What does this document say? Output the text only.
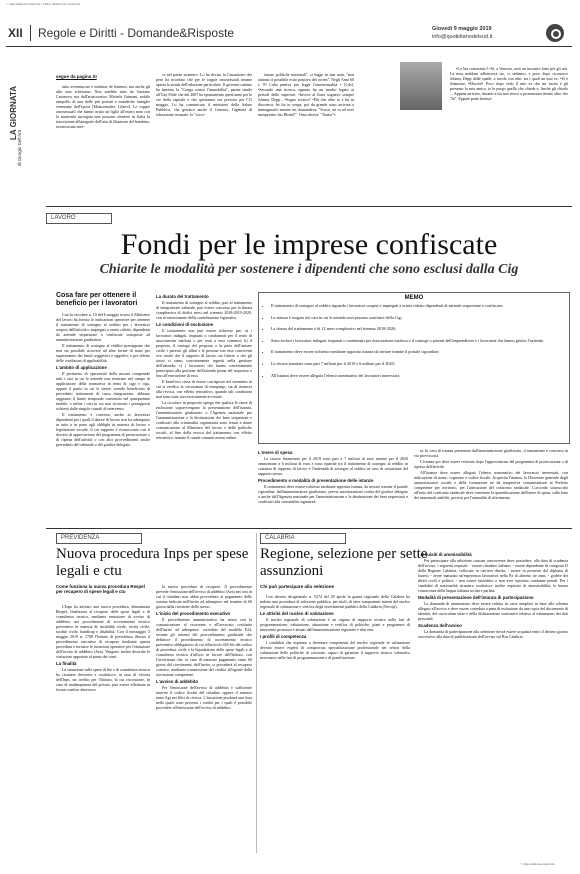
© riproduzione riservata | Tutti i diritti sono riservati
XII Regole e Diritti - Domande&Risposte	Giovedì 9 maggio 2019
info@quotidianodelsud.it
LA GIORNATA
di Giorgio Dell'Arti
segue da pagina XI

tutto avventurose e tombeur de femmes, ma anche gli altri non scherzano. Non sarebbe nato da Gaetano Casanova, ma dall'aristocratico Michele Grimani, nobile rampollo di una delle più potenti e munifiche famiglie veneziane dell'epoca [Mastromattei, Libero]. Le coppie omosessuali che hanno avuto un figlio all'estero nato con la maternità surrogata non possono ottenere in Italia la trascrizione all'anagrafe dell'atto di filiazione del bambino, riconosciuta inve-

ce nel paese straniero. Lo ha deciso la Cassazione che però ha ricordato che per le coppie omosessuali rimane aperta la strada dell'adozione particolare. Il governo cubano ha lanciato la "Conga contro l'immobilità", parata simile all'Gay Pride che dal 2007 ha spostamento quest'anno per le vie della capitale e che questanno era prevista per l'11 maggio. Lo ha comunicato il ministero della Salute Pubblica, che gestisce anche il Cenesex, l'agenzia di educazione sessuale: le "circo-

stanze politiche nazionali", si legge in una nota, "non aiutano il possibile esito positivo del corteo". Negli Anni 60 e 70 Cuba puniva per legge l'omosessualità • [Cds]. •Secondo una ricerca, ognuno ha un incubo legato ai periodi delle superiori. •Invece al linea sognavo sempre Johnny Depp... •Sogno erotico? •Più che altro io e lui in discoteca, lei lui in vespa, poi da grande sono arrivata a immaginarlo mentre mi domandava: "Scusa, ssi tu ad aver interpretato Iris Blond?". Oma diceva: "Tiamo"•.

•Lo hai conosciuto? •Sì, a Venezia, avrò un incontro fatto per gli atti. La nera maldam adlottivera sto, ci sediamo, e poco dopo riconosco Johnny Depp dalle spalle, a tavola con altri, tra i quali un mio ex. •Si è fidanzato. •Macché! Poco dopo vedo il mio ex che mi invita e gli presento la mia amica, io le porgo quello che chiede e, finché gli chiedo ... Appena arrivato, davanti a lui non riesco a pronunciare niente altro che "hi". Eppure parlo benissi-

LAVORO
Fondi per le imprese confiscate
Chiarite le modalità per sostenere i dipendenti che sono esclusi dalla Cig
Cosa fare per ottenere il beneficio per i lavoratori

Con la circolare n. 10 del 6 maggio scorso il Ministero del lavoro ha fornito le indicazioni operative per ottenere il trattamento di sostegno al reddito per i lavoratori sospesi dall'attività o impiegati a orario ridotto, dipendenti da aziende sequestrate o confiscate sottoposte ad amministrazione giudiziaria.

Il trattamento di sostegno al reddito presuppone che non sia possibile ricorrere ad altre forme di aiuto per superamento dei limiti soggettivi e oggettivi o per difetto delle condizioni di applicabilità.

L'ambito di applicazione

Il perimetro di operatività della misura comprende tutti i casi in cui le aziende non rientrano nel campo di applicazione della normativa in tema di cigo e cigs, oppure il punto in cui le stesse, avendo beneficiato di precedenti trattamenti di cassa integrazione, abbiano raggiunto il limite temporale consentito nel quinquennio mobile, o infine i casi in cui non ricorrono i presupposti richiesti dalle singole causali di intervento.

Il trattamento è concesso anche ai lavoratori dipendenti per i quali il datore di lavoro non ha adempiuto in tutto o in parte agli obblighi in materia di lavoro e legislazione sociale, il cui rapporto è riconosciuto con il decreto di approvazione del programma di prosecuzione o di ripresa dell'attività o con altri provvedimenti anche precedenti del tribunale o del giudice delegato.

La durata del trattamento

Il trattamento di sostegno al reddito, pari al trattamento di integrazione salariale, può essere concesso per la durata complessiva di dodici mesi nel triennio 2018-2019-2020, con riconoscimento della contribuzione figurativa.

Le condizioni di esclusione

Il trattamento non può essere richiesto per: a) i lavoratori indagati, imputati o condannati per il reato di associazione mafiosa o per reati a essa connessi; b) il proposto, il coniuge del proposto o la parte dell'unione civile, i parenti, gli affini e le persone con esso conviventi ove risulti che il rapporto di lavoro sia fittizio o che gli stessi si siano concretamente ingeriti nella gestione dell'azienda; c) i lavoratori che hanno concretamente partecipato alla gestione dell'azienda prima del sequestro e fino all'esecuzione di esso.

Il beneficio cessa di essere corrisposto nel momento in cui si verifica la circostanza di reimpiego, sia di rinuncia alla revoca, con effetto retroattivo, quando tali condizioni non sono state successivamente accertate.

La circolare in proposito spiega che qualora le cause di esclusione sopravvengano la presentazione dell'istanza, l'amministratore giudiziario o l'Agenzia nazionale per l'amministrazione e la destinazione dei beni sequestrati e confiscati alla criminalità organizzata sono tenuti a darne comunicazione al Ministero del lavoro e delle politiche sociali, al fine della revoca del trattamento con effetto retroattivo, tramite il canale comunicazioni online.

MEMO
• Il trattamento di sostegno al reddito riguarda i lavoratori sospesi o impiegati a orario ridotto dipendenti di aziende sequestrate o confiscate;
• La misura è erogata nei casi in cui le aziende non possono usufruire della Cig;
• La durata del trattamento è di 12 mesi complessivi nel triennio 2018-2020;
• Sono esclusi i lavoratori indagati, imputati o condannati per associazione mafiosa o il coniuge o parenti dell'imprenditore e i lavoratori che hanno gestito l'azienda;
• Il trattamento deve essere richiesto mediante apposita istanza da inviare tramite il portale cigsonline;
• Le risorse stanziate sono pari 7 milioni per il 2019 e 6 milioni per il 2020;
• All'istanza deve essere allegato l'elenco nominativo dei lavoratori interessati;
L'onere di spesa

Le risorse finanziarie per il 2019 sono pari a 7 milioni di euro mentre per il 2020 ammontano a 6 milioni di euro e sono ripartite tra il trattamento di sostegno al reddito in costanza di rapporto di lavoro e l'indennità di sostegno al reddito in caso di cessazione del rapporto stesso.

Procedimento e modalità di presentazione delle istanze

Il trattamento deve essere richiesto mediante apposita istanza, da inviare tramite il portale cigsonline, dall'amministratore giudiziario, previa autorizzazione scritta del giudice delegato o anche dall'Agenzia nazionale per l'amministrazione e la destinazione dei beni sequestrati e confiscati alla criminalità organizza-

ta. In caso di istanza presentata dall'amministratore giudiziario, il trattamento è concesso in via provvisoria.

L'istanza poi deve essere reiterata dopo l'approvazione del programma di prosecuzione o di ripresa dell'attività.

All'istanza deve essere allegato l'elenco nominativo dei lavoratori interessati, con indicazione di nome, cognome e codice fiscale. Acquisita l'istanza, la Direzione generale degli ammortizzatori sociali e della formazione ne dà tempestiva comunicazione al Prefetto competente per territorio, per l'attivazione del confronto sindacale. L'accordo sottoscritto all'esito del confronto sindacale deve contenere la quantificazione dell'onere di spesa, sulla base dei massimali stabiliti, previsti per l'annualità di riferimento.

PREVIDENZA
Nuova procedura Inps per spese legali e ctu
Come funziona la nuova procedura Respel per recupero di spese legali e ctu

L'Inps ha attivato una nuova procedura, denominata Respel, finalizzata al recupero delle spese legali e di consulenza tecnica, mediante emissione di avviso di addebito, nei procedimenti di accertamento tecnico preventivo in materia di invalidità civile, cecità civile, sordità civile, handicap e disabilità. Con il messaggio 3 maggio 2019 n. 1708 l'Istituto di previdenza illustra il procedimento esecutivo di recupero mediante questa procedura e fornisce le istruzioni operative per l'emissione dell'avviso di addebito (Ava). Vengono inoltre descritte le variazioni apportate al piano dei conti.

La finalità

La situazione sulle spese di lite e di consulenza tecnica ha carattere decisorio e costituisce, in caso di vittoria dell'Inps, un credito per l'Istituto, la cui riscossione, in caso di inadempienza del privato, può essere effettuata in forma coattiva attraverso

la nuova procedura di recupero. Il procedimento prevede l'emissione dell'avviso di addebito (Ava) nei casi in cui il cittadino non abbia provveduto al pagamento delle somme indicate nell'invito ad adempiere nel termine di 60 giorni dalla ricezione dello stesso.

L'inizio del procedimento esecutivo

Il procedimento amministrativo ha inizio con la comunicazione al ricorrente e all'avvocato costituito dell'invito ad adempiere, corredato del modello F24, recante gli estremi del provvedimento giudiziale che definisce il procedimento di accertamento tecnico preventivo obbligatorio di cui all'articolo 445-bis del codice di procedura civile e la liquidazione delle spese legali e di consulenza tecnica d'ufficio in favore dell'Istituto, con l'avvertenza che, in caso di mancato pagamento entro 60 giorni dal ricevimento dell'invito, si procederà al recupero coattivo, mediante trasmissione del credito all'agente della riscossione competente.

L'avviso di addebito

Per l'emissione dell'avviso di addebito è sufficiente inserire il codice fiscale del cittadino oppure il numero anno Agi nei filtri di ricerca. L'istruzione produrrà una lista nella quale sono presenti i crediti per i quali è possibile procedere all'emissione dell'avviso di addebito.

CALABRIA
Regione, selezione per sette assunzioni
Chi può partecipare alla selezione

Con decreto dirigenziale n. 5274 del 29 aprile la giunta regionale della Calabria ha indetto una procedura di selezione pubblica, per titoli, di sette componenti interni del nucleo regionale di valutazione e verifica degli investimenti pubblici della Calabria (Nrvvip).

Le attività del nucleo di valutazione

Il nucleo regionale di valutazione è un organo di supporto tecnico nelle fasi di programmazione, valutazione, attuazione e verifica di politiche, piani e programmi di intervento promossi e attuati dall'amministrazione regionale e altri enti.

I profili di competenza

I candidati che aspirano a diventare componenti del nucleo regionale di valutazione devono essere esperti di comprovata specializzazione professionale nei settori della valutazione delle politiche di coesione, capaci di garantire il supporto tecnico valutativo necessario nelle fasi di programmazione e di pianificazione.

I requisiti di ammissibilità

Per partecipare alla selezione ciascun concorrente deve possedere, alla data di scadenza dell'avviso, i seguenti requisiti: - essere cittadino italiano; - essere dipendente di categoria D della Regione Calabria, collocato in carriera diretta; - essere in possesso del diploma di laurea; - avere maturato un'esperienza lavorativa nella Pa di almeno tre anni; - godere dei diritti civili e politici; - non essere interdetto o non aver riportato condanne penali. Per i candidati di nazionalità straniera costituisce inoltre requisito di ammissibilità, la buona conoscenza della lingua italiana scritta e parlata.

Modalità di presentazione dell'istanza di partecipazione

La domanda di ammissione deve essere redatta in carta semplice in base allo schema allegato all'avviso e deve essere corredata a pena di esclusione da una copia del documento di identità, del curriculum vitae e della dichiarazione sostitutiva relativa al trattamento dei dati personali.

Scadenza dell'avviso

La domanda di partecipazione alla selezione dovrà essere acquisita entro il decimo giorno successivo alla data di pubblicazione dell'avviso sul Bur Calabria.

© riproduzione riservata
